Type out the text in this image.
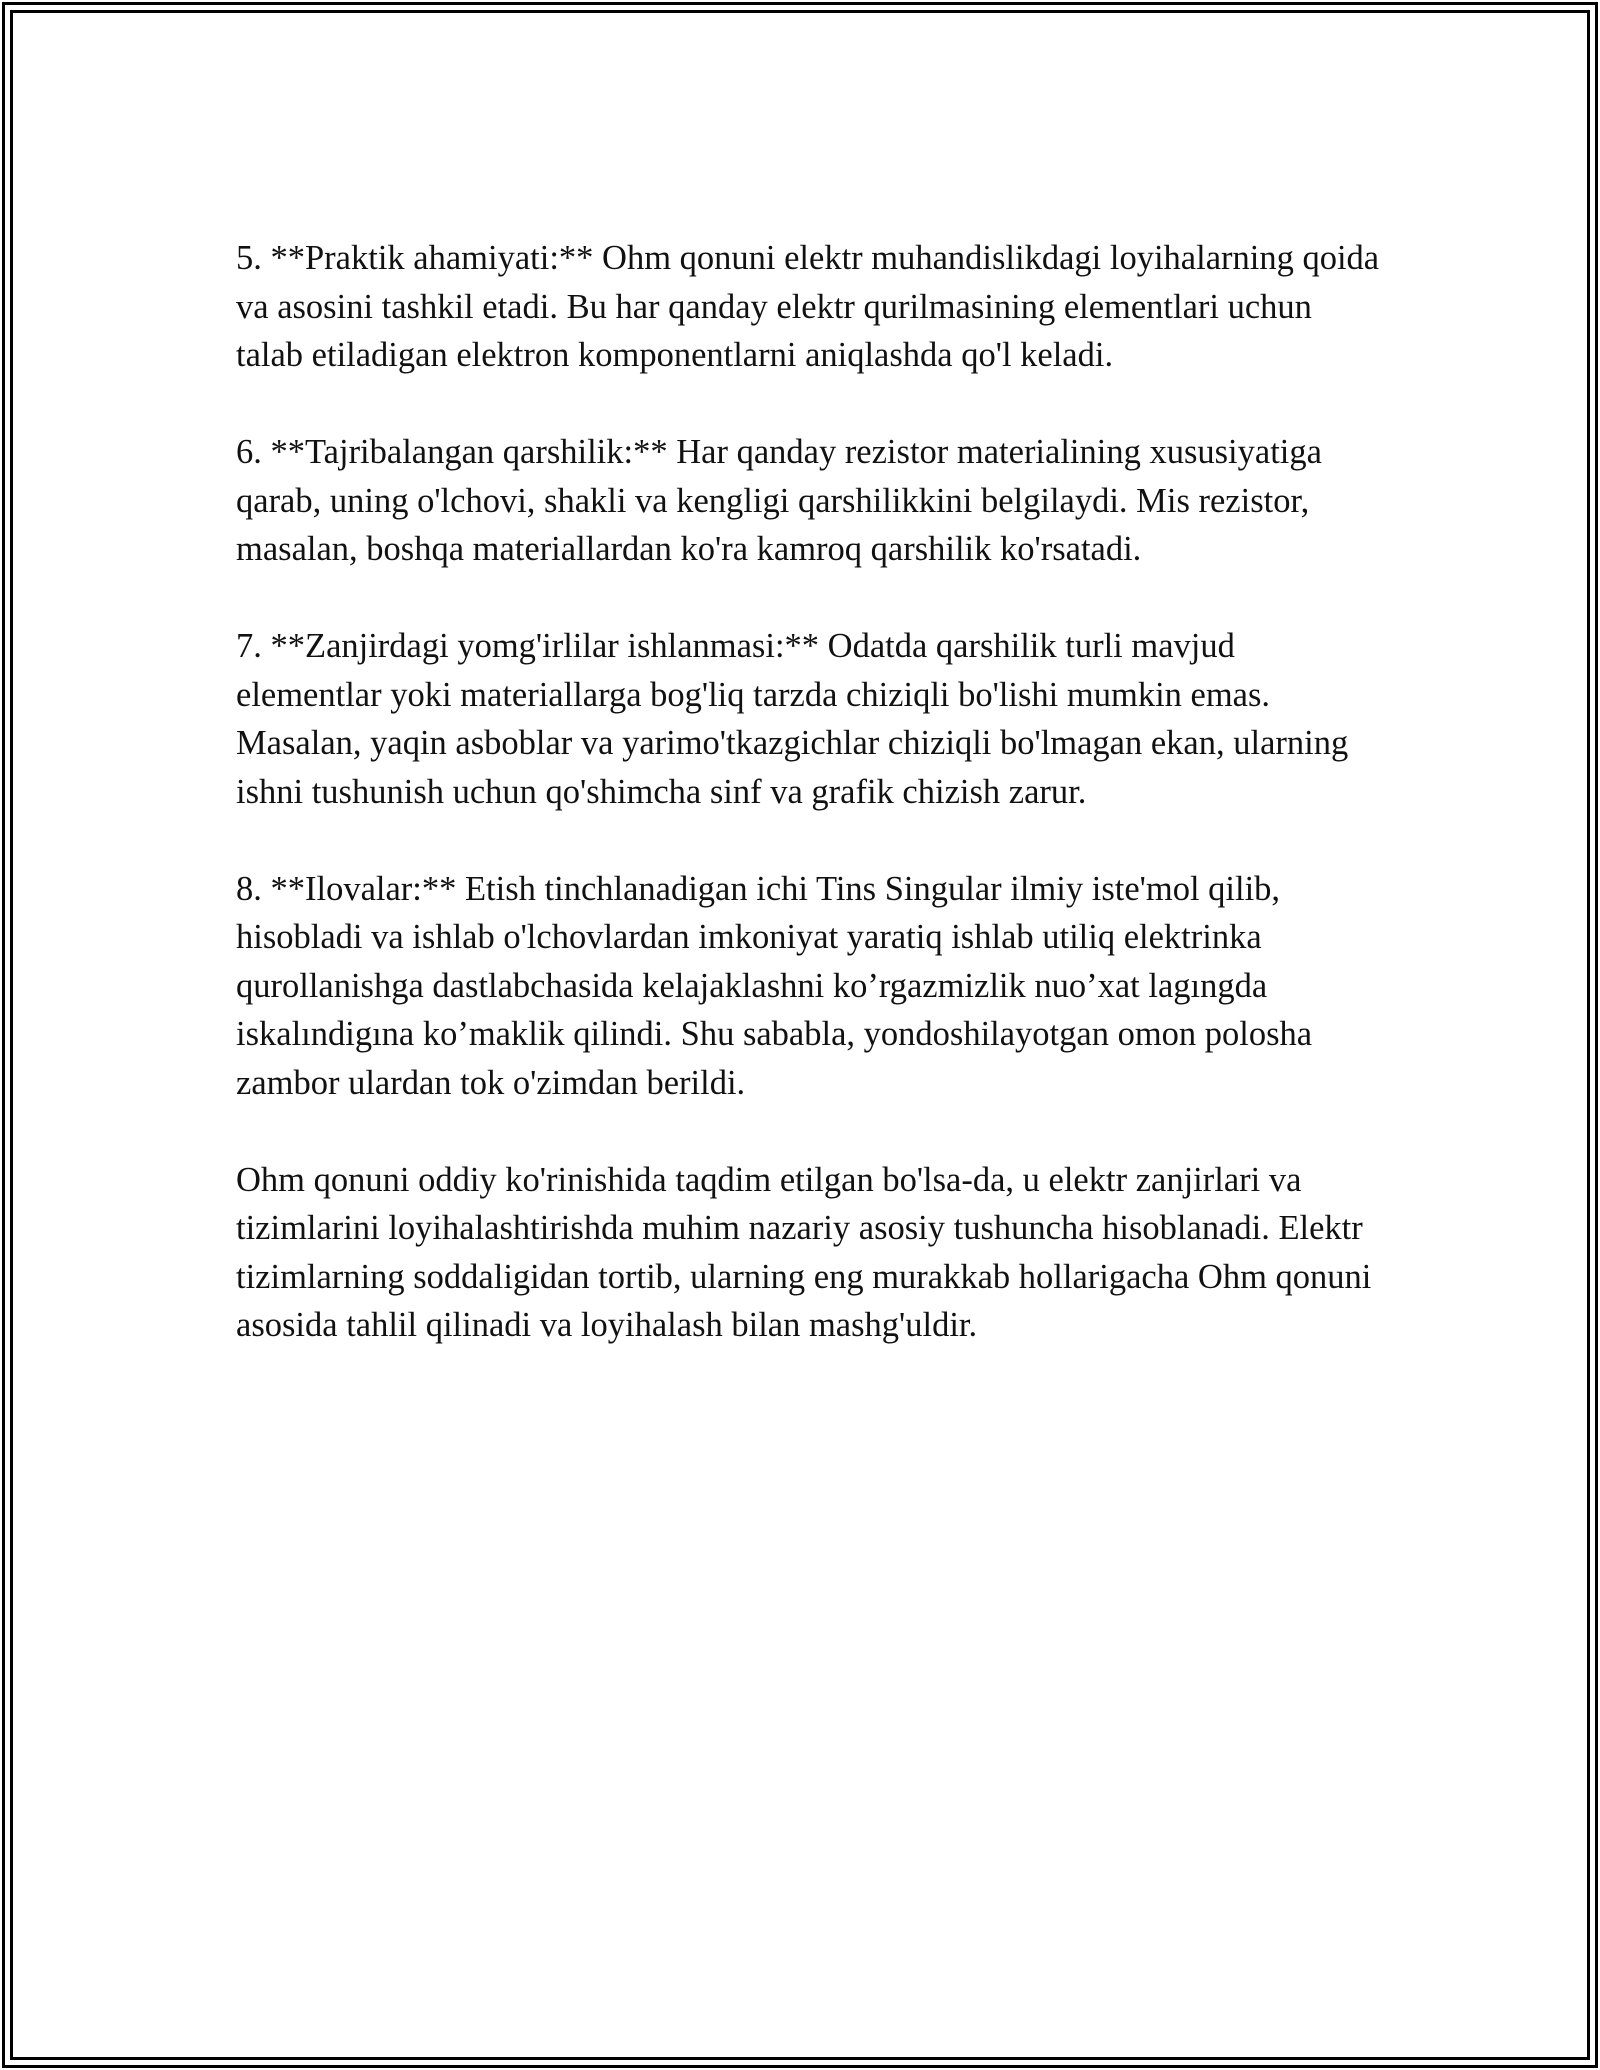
5. **Praktik ahamiyati:** Ohm qonuni elektr muhandislikdagi loyihalarning qoida va asosini tashkil etadi. Bu har qanday elektr qurilmasining elementlari uchun talab etiladigan elektron komponentlarni aniqlashda qo'l keladi.

6. **Tajribalangan qarshilik:** Har qanday rezistor materialining xususiyatiga qarab, uning o'lchovi, shakli va kengligi qarshilikkini belgilaydi. Mis rezistor, masalan, boshqa materiallardan ko'ra kamroq qarshilik ko'rsatadi.

7. **Zanjirdagi yomg'irlilar ishlanmasi:** Odatda qarshilik turli mavjud elementlar yoki materiallarga bog'liq tarzda chiziqli bo'lishi mumkin emas. Masalan, yaqin asboblar va yarimo'tkazgichlar chiziqli bo'lmagan ekan, ularning ishni tushunish uchun qo'shimcha sinf va grafik chizish zarur.

8. **Ilovalar:** Etish tinchlanadigan ichi Tins Singular ilmiy iste'mol qilib, hisobladi va ishlab o'lchovlardan imkoniyat yaratiq ishlab utiliq elektrinka qurollanishga dastlabchasida kelajaklashni ko’rgazmizlik nuo’xat lagıngda iskalındigına ko’maklik qilindi. Shu sababla, yondoshilayotgan omon polosha zambor ulardan tok o'zimdan berildi.

Ohm qonuni oddiy ko'rinishida taqdim etilgan bo'lsa-da, u elektr zanjirlari va tizimlarini loyihalashtirishda muhim nazariy asosiy tushuncha hisoblanadi. Elektr tizimlarning soddaligidan tortib, ularning eng murakkab hollarigacha Ohm qonuni asosida tahlil qilinadi va loyihalash bilan mashg'uldir.
